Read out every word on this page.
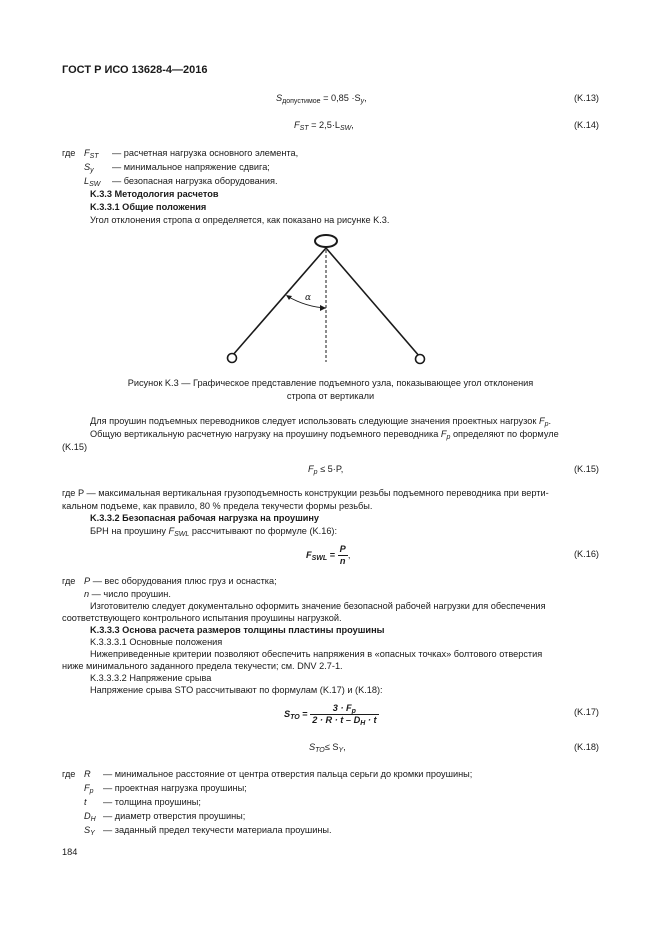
ГОСТ Р ИСО 13628-4—2016
$S_{допустимое} = 0,85 \cdot S_y$,	(K.13)
$F_{ST} = 2,5\cdot L_{SW}$,	(K.14)
где $F_{ST}$ — расчетная нагрузка основного элемента,
$S_y$ — минимальное напряжение сдвига;
$L_{SW}$ — безопасная нагрузка оборудования.
K.3.3 Методология расчетов
K.3.3.1 Общие положения
Угол отклонения стропа α определяется, как показано на рисунке K.3.
α
Рисунок K.3 — Графическое представление подъемного узла, показывающее угол отклонения
стропа от вертикали
Для проушин подъемных переводников следует использовать следующие значения проектных нагрузок $F_p$.
Общую вертикальную расчетную нагрузку на проушину подъемного переводника $F_p$ определяют по формуле
(K.15)
$F_p \le 5\cdot P$,	(K.15)
где P — максимальная вертикальная грузоподъемность конструкции резьбы подъемного переводника при верти-
кальном подъеме, как правило, 80 % предела текучести формы резьбы.
K.3.3.2 Безопасная рабочая нагрузка на проушину
БРН на проушину $F_{SWL}$ рассчитывают по формуле (K.16):
$F_{SWL} = \frac{P}{n}$ ,	(K.16)
где P — вес оборудования плюс груз и оснастка;
n — число проушин.
Изготовителю следует документально оформить значение безопасной рабочей нагрузки для обеспечения
соответствующего контрольного испытания проушины нагрузкой.
K.3.3.3 Основа расчета размеров толщины пластины проушины
K.3.3.3.1 Основные положения
Нижеприведенные критерии позволяют обеспечить напряжения в «опасных точках» болтового отверстия
ниже минимального заданного предела текучести; см. DNV 2.7-1.
K.3.3.3.2 Напряжение срыва
Напряжение срыва STO рассчитывают по формулам (K.17) и (K.18):
$S_{TO} = \frac{3 \cdot F_p}{2 \cdot R \cdot t - D_H \cdot t}$	(K.17)
$S_{TO}\le S_Y$,	(K.18)
где R — минимальное расстояние от центра отверстия пальца серьги до кромки проушины;
$F_p$ — проектная нагрузка проушины;
t — толщина проушины;
$D_H$ — диаметр отверстия проушины;
$S_Y$ — заданный предел текучести материала проушины.
184
